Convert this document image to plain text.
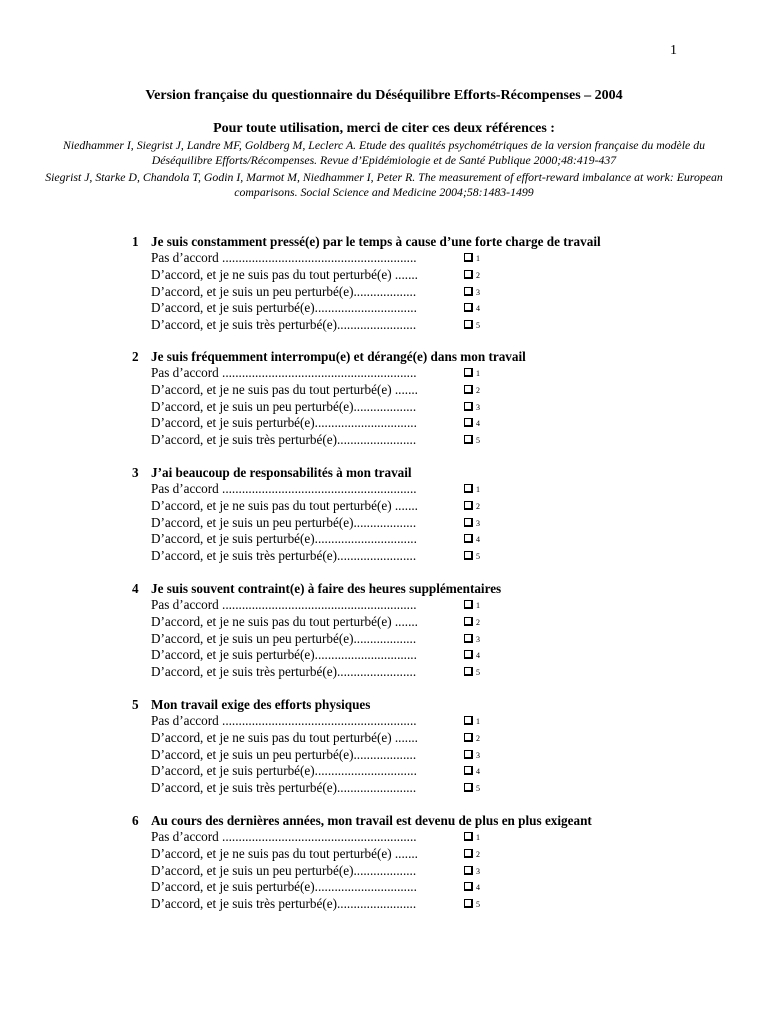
1
Version française du questionnaire du Déséquilibre Efforts-Récompenses – 2004
Pour toute utilisation, merci de citer ces deux références :
Niedhammer I, Siegrist J, Landre MF, Goldberg M, Leclerc A. Etude des qualités psychométriques de la version française du modèle du Déséquilibre Efforts/Récompenses. Revue d’Epidémiologie et de Santé Publique 2000;48:419-437
Siegrist J, Starke D, Chandola T, Godin I, Marmot M, Niedhammer I, Peter R. The measurement of effort-reward imbalance at work: European comparisons. Social Science and Medicine 2004;58:1483-1499
1 Je suis constamment pressé(e) par le temps à cause d’une forte charge de travail
Pas d’accord ...........................................................	1
D’accord, et je ne suis pas du tout perturbé(e) .......	2
D’accord, et je suis un peu perturbé(e)...................	3
D’accord, et je suis perturbé(e)...............................	4
D’accord, et je suis très perturbé(e)........................	5
2 Je suis fréquemment interrompu(e) et dérangé(e) dans mon travail
Pas d’accord ...........................................................	1
D’accord, et je ne suis pas du tout perturbé(e) .......	2
D’accord, et je suis un peu perturbé(e)...................	3
D’accord, et je suis perturbé(e)...............................	4
D’accord, et je suis très perturbé(e)........................	5
3 J’ai beaucoup de responsabilités à mon travail
Pas d’accord ...........................................................	1
D’accord, et je ne suis pas du tout perturbé(e) .......	2
D’accord, et je suis un peu perturbé(e)...................	3
D’accord, et je suis perturbé(e)...............................	4
D’accord, et je suis très perturbé(e)........................	5
4 Je suis souvent contraint(e) à faire des heures supplémentaires
Pas d’accord ...........................................................	1
D’accord, et je ne suis pas du tout perturbé(e) .......	2
D’accord, et je suis un peu perturbé(e)...................	3
D’accord, et je suis perturbé(e)...............................	4
D’accord, et je suis très perturbé(e)........................	5
5 Mon travail exige des efforts physiques
Pas d’accord ...........................................................	1
D’accord, et je ne suis pas du tout perturbé(e) .......	2
D’accord, et je suis un peu perturbé(e)...................	3
D’accord, et je suis perturbé(e)...............................	4
D’accord, et je suis très perturbé(e)........................	5
6 Au cours des dernières années, mon travail est devenu de plus en plus exigeant
Pas d’accord ...........................................................	1
D’accord, et je ne suis pas du tout perturbé(e) .......	2
D’accord, et je suis un peu perturbé(e)...................	3
D’accord, et je suis perturbé(e)...............................	4
D’accord, et je suis très perturbé(e)........................	5
